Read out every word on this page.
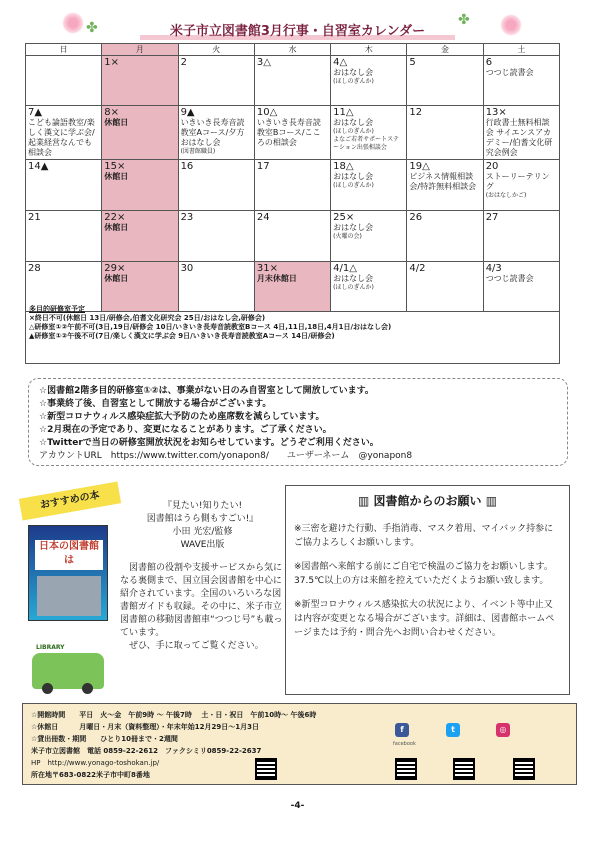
米子市立図書館3月行事・自習室カレンダー
✤	✤
日	月	火	水	木	金	土

	1×	2	3△	4△
おはなし会
(ほしのぎんか)	5	6
つつじ読書会

7▲
こども論語教室/楽しく漢文に学ぶ会/起業経営なんでも相談会	8×
休館日	9▲
いきいき長寿音読教室Aコース/夕方おはなし会
(図書館職員)	10△
いきいき長寿音読教室Bコース/こころの相談会	11△
おはなし会
(ほしのぎんか)
よなご若者サポートステーション出張相談会	12	13×
行政書士無料相談会 サイエンスアカデミー/伯耆文化研究会例会

14▲	15×
休館日	16	17	18△
おはなし会
(ほしのぎんか)	19△
ビジネス情報相談会/特許無料相談会	20
ストーリーテリング
(おはなしかご)

21	22×
休館日	23	24	25×
おはなし会
(火曜の会)	26	27

28	29×
休館日	30	31×
月末休館日	4/1△
おはなし会
(ほしのぎんか)	4/2	4/3
つつじ読書会
多目的研修室予定
×終日不可(休館日 13日/研修会,伯耆文化研究会 25日/おはなし会,研修会)
△研修室①②午前不可(3日,19日/研修会 10日/いきいき長寿音読教室Bコース 4日,11日,18日,4月1日/おはなし会)
▲研修室①②午後不可(7日/楽しく漢文に学ぶ会 9日/いきいき長寿音読教室Aコース 14日/研修会)
☆図書館2階多目的研修室①②は、事業がない日のみ自習室として開放しています。
☆事業終了後、自習室として開放する場合がございます。
☆新型コロナウィルス感染症拡大予防のため座席数を減らしています。
☆2月現在の予定であり、変更になることがあります。ご了承ください。
☆Twitterで当日の研修室開放状況をお知らせしています。どうぞご利用ください。
アカウントURL　https://www.twitter.com/yonapon8/　　ユーザーネーム　@yonapon8
おすすめの本
日本の図書館は
LIBRARY
『見たい!知りたい!
図書館はうら側もすごい!』
小田 光宏/監修
WAVE出版
　図書館の役割や支援サービスから気になる裏側まで、国立国会図書館を中心に紹介されています。全国のいろいろな図書館ガイドも収録。その中に、米子市立図書館の移動図書館車“つつじ号”も載っています。
　ぜひ、手に取ってご覧ください。
▥ 図書館からのお願い ▥
※三密を避けた行動、手指消毒、マスク着用、マイバック持参にご協力よろしくお願いします。
※図書館へ来館する前にご自宅で検温のご協力をお願いします。37.5℃以上の方は来館を控えていただくようお願い致します。
※新型コロナウィルス感染拡大の状況により、イベント等中止又は内容が変更となる場合がございます。詳細は、図書館ホームページまたは予約・問合先へお問い合わせください。
☆開館時間　　平日　火～金　午前9時 ～ 午後7時　 土・日・祝日　午前10時～ 午後6時
☆休館日　　　月曜日・月末（資料整理）・年末年始12月29日～1月3日
☆貸出冊数・期間　　ひとり10冊まで・2週間
米子市立図書館　電話 0859-22-2612　ファクシミリ0859-22-2637
HP　http://www.yonago-toshokan.jp/
所在地〒683-0822米子市中町8番地
f
facebook
t	◎
-4-
